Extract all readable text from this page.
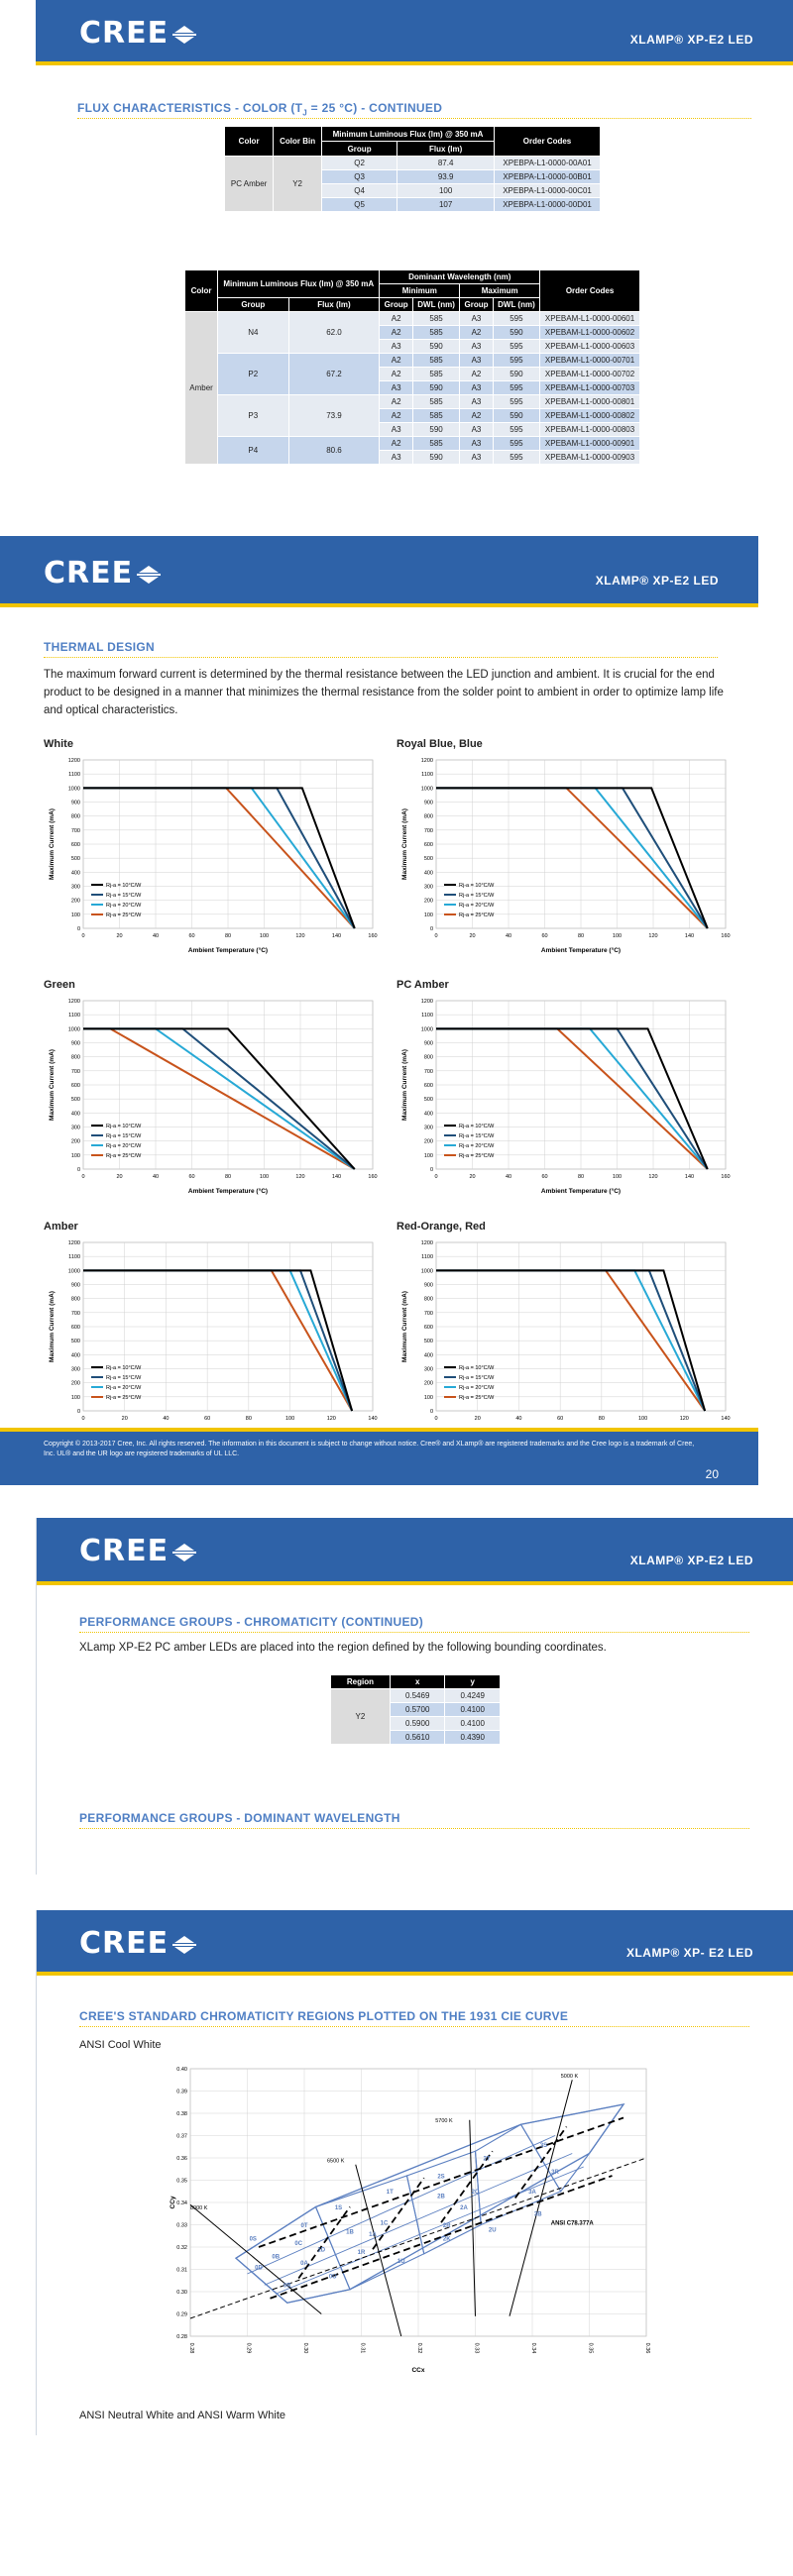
CREE	XLAMP® XP-E2 LED
FLUX CHARACTERISTICS - COLOR ($T_J = 25$ °C) - CONTINUED
Color	Color Bin	Minimum Luminous Flux (lm) @ 350 mA		Order Codes
		Group	Flux (lm)	
PC Amber	Y2	Q2	87.4	XPEBPA-L1-0000-00A01
		Q3	93.9	XPEBPA-L1-0000-00B01
		Q4	100	XPEBPA-L1-0000-00C01
		Q5	107	XPEBPA-L1-0000-00D01
Color	Minimum Luminous Flux (lm) @ 350 mA		Dominant Wavelength (nm)				Order Codes
			Minimum		Maximum		
	Group	Flux (lm)	Group	DWL (nm)	Group	DWL (nm)	
Amber	N4	62.0	A2	585	A3	595	XPEBAM-L1-0000-00601
			A2	585	A2	590	XPEBAM-L1-0000-00602
			A3	590	A3	595	XPEBAM-L1-0000-00603
	P2	67.2	A2	585	A3	595	XPEBAM-L1-0000-00701
			A2	585	A2	590	XPEBAM-L1-0000-00702
			A3	590	A3	595	XPEBAM-L1-0000-00703
	P3	73.9	A2	585	A3	595	XPEBAM-L1-0000-00801
			A2	585	A2	590	XPEBAM-L1-0000-00802
			A3	590	A3	595	XPEBAM-L1-0000-00803
	P4	80.6	A2	585	A3	595	XPEBAM-L1-0000-00901
			A3	590	A3	595	XPEBAM-L1-0000-00903
CREE	XLAMP® XP-E2 LED
THERMAL DESIGN
The maximum forward current is determined by the thermal resistance between the LED junction and ambient. It is crucial for the end product to be designed in a manner that minimizes the thermal resistance from the solder point to ambient in order to optimize lamp life and optical characteristics.
White
0
100
200
300
400
500
600
700
800
900
1000
1100
1200
0	20	40	60	80	100	120	140	160
Ambient Temperature (°C)
Maximum Current (mA)
Rj-a = 10°C/W
Rj-a = 15°C/W
Rj-a = 20°C/W
Rj-a = 25°C/W
Royal Blue, Blue
0
100
200
300
400
500
600
700
800
900
1000
1100
1200
0	20	40	60	80	100	120	140	160
Ambient Temperature (°C)
Maximum Current (mA)
Rj-a = 10°C/W
Rj-a = 15°C/W
Rj-a = 20°C/W
Rj-a = 25°C/W
Green
0
100
200
300
400
500
600
700
800
900
1000
1100
1200
0	20	40	60	80	100	120	140	160
Ambient Temperature (°C)
Maximum Current (mA)
Rj-a = 10°C/W
Rj-a = 15°C/W
Rj-a = 20°C/W
Rj-a = 25°C/W
PC Amber
0
100
200
300
400
500
600
700
800
900
1000
1100
1200
0	20	40	60	80	100	120	140	160
Ambient Temperature (°C)
Maximum Current (mA)
Rj-a = 10°C/W
Rj-a = 15°C/W
Rj-a = 20°C/W
Rj-a = 25°C/W
Amber
0
100
200
300
400
500
600
700
800
900
1000
1100
1200
0	20	40	60	80	100	120	140
Maximum Current (mA)
Rj-a = 10°C/W
Rj-a = 15°C/W
Rj-a = 20°C/W
Rj-a = 25°C/W
Red-Orange, Red
0
100
200
300
400
500
600
700
800
900
1000
1100
1200
0	20	40	60	80	100	120	140
Maximum Current (mA)
Rj-a = 10°C/W
Rj-a = 15°C/W
Rj-a = 20°C/W
Rj-a = 25°C/W
Copyright © 2013-2017 Cree, Inc. All rights reserved. The information in this document is subject to change without notice. Cree® and XLamp® are registered trademarks and the Cree logo is a trademark of Cree, Inc. UL® and the UR logo are registered trademarks of UL LLC.
20
CREE	XLAMP® XP-E2 LED
PERFORMANCE GROUPS - CHROMATICITY (CONTINUED)
XLamp XP-E2 PC amber LEDs are placed into the region defined by the following bounding coordinates.
Region	x	y
Y2	0.5469	0.4249
	0.5700	0.4100
	0.5900	0.4100
	0.5610	0.4390
PERFORMANCE GROUPS - DOMINANT WAVELENGTH
CREE	XLAMP® XP- E2 LED
CREE'S STANDARD CHROMATICITY REGIONS PLOTTED ON THE 1931 CIE CURVE
ANSI Cool White
0.28
0.29
0.30
0.31
0.32
0.33
0.34
0.35
0.36
0.37
0.38
0.39
0.40
0.28	0.29	0.30	0.31	0.32	0.33	0.34	0.35	0.36
CCx
CCy
5000 K
5700 K
6500 K
8000 K
ANSI C78.377A
3S
3R
3A
3B
2T
2S
2C
2A
2B
2U
2R
2K
1T
1S
1C
1B	1A
1D	1R
1U
0T
0S
0C
0B
0A
0D
0U
0R
ANSI Neutral White and ANSI Warm White
